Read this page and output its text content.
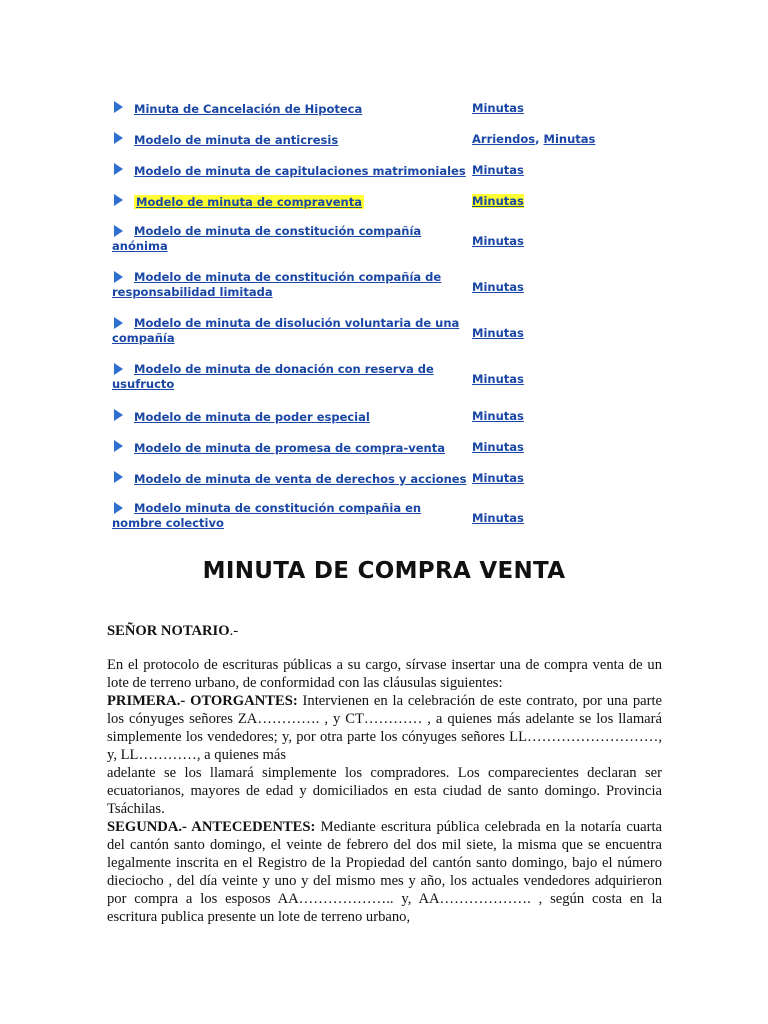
Minuta de Cancelación de Hipoteca	Minutas
Modelo de minuta de anticresis	Arriendos, Minutas
Modelo de minuta de capitulaciones matrimoniales Minutas
Modelo de minuta de compraventa	Minutas
Modelo de minuta de constitución compañía anónima	Minutas
Modelo de minuta de constitución compañía de responsabilidad limitada	Minutas
Modelo de minuta de disolución voluntaria de una compañía	Minutas
Modelo de minuta de donación con reserva de usufructo	Minutas
Modelo de minuta de poder especial	Minutas
Modelo de minuta de promesa de compra-venta	Minutas
Modelo de minuta de venta de derechos y acciones Minutas
Modelo minuta de constitución compañia en nombre colectivo	Minutas
MINUTA DE COMPRA VENTA
SEÑOR NOTARIO.-

En el protocolo de escrituras públicas a su cargo, sírvase insertar una de compra venta de un lote de terreno urbano, de conformidad con las cláusulas siguientes:

PRIMERA.- OTORGANTES: Intervienen en la celebración de este contrato, por una parte los cónyuges señores ZA…………. , y CT………… , a quienes más adelante se los llamará simplemente los vendedores; y, por otra parte los cónyuges señores LL………………………, y, LL…………, a quienes más

adelante se los llamará simplemente los compradores. Los comparecientes declaran ser ecuatorianos, mayores de edad y domiciliados en esta ciudad de santo domingo. Provincia Tsáchilas.

SEGUNDA.- ANTECEDENTES: Mediante escritura pública celebrada en la notaría cuarta del cantón santo domingo, el veinte de febrero del dos mil siete, la misma que se encuentra legalmente inscrita en el Registro de la Propiedad del cantón santo domingo, bajo el número dieciocho , del día veinte y uno y del mismo mes y año, los actuales vendedores adquirieron por compra a los esposos AA……………….. y, AA………………. , según costa en la escritura publica presente un lote de terreno urbano,
